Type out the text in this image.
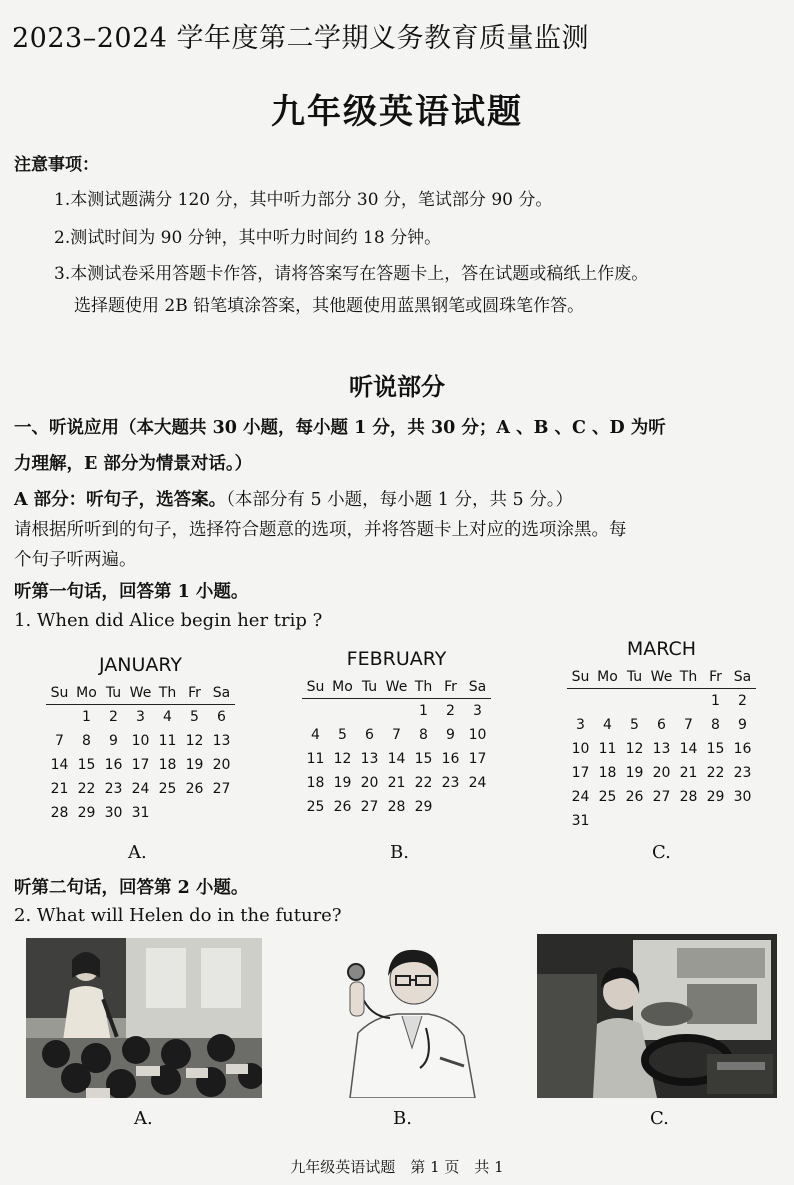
2023–2024 学年度第二学期义务教育质量监测
九年级英语试题
注意事项：
1.本测试题满分 120 分，其中听力部分 30 分，笔试部分 90 分。
2.测试时间为 90 分钟，其中听力时间约 18 分钟。
3.本测试卷采用答题卡作答，请将答案写在答题卡上，答在试题或稿纸上作废。
选择题使用 2B 铅笔填涂答案，其他题使用蓝黑钢笔或圆珠笔作答。
听说部分
一、听说应用（本大题共 30 小题，每小题 1 分，共 30 分；A 、B 、C 、D 为听
力理解，E 部分为情景对话。）
A 部分：听句子，选答案。（本部分有 5 小题，每小题 1 分，共 5 分。）
请根据所听到的句子，选择符合题意的选项，并将答题卡上对应的选项涂黑。每
个句子听两遍。
听第一句话，回答第 1 小题。
1. When did Alice begin her trip ?
JANUARY
Su	Mo	Tu	We	Th	Fr	Sa
	1	2	3	4	5	6
7	8	9	10	11	12	13
14	15	16	17	18	19	20
21	22	23	24	25	26	27
28	29	30	31			
FEBRUARY
Su	Mo	Tu	We	Th	Fr	Sa
				1	2	3
4	5	6	7	8	9	10
11	12	13	14	15	16	17
18	19	20	21	22	23	24
25	26	27	28	29		
MARCH
Su	Mo	Tu	We	Th	Fr	Sa
					1	2
3	4	5	6	7	8	9
10	11	12	13	14	15	16
17	18	19	20	21	22	23
24	25	26	27	28	29	30
31						
A.	B.	C.
听第二句话，回答第 2 小题。
2. What will Helen do in the future?
A.	B.	C.
九年级英语试题　第 1 页　共 1
